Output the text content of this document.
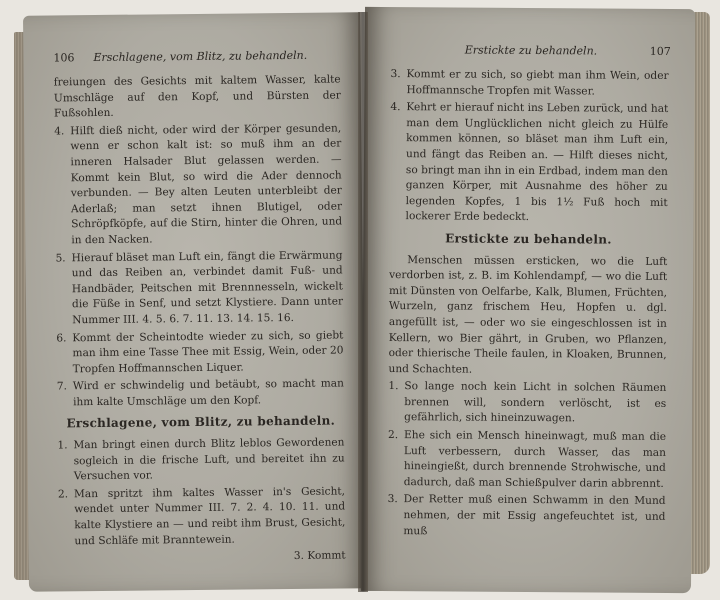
106 Erschlagene, vom Blitz, zu behandeln.

freiungen des Gesichts mit kaltem Wasser, kalte Umschläge auf den Kopf, und Bürsten der Fußsohlen.

4. Hilft dieß nicht, oder wird der Körper gesunden, wenn er schon kalt ist: so muß ihm an der inneren Halsader Blut gelassen werden. — Kommt kein Blut, so wird die Ader dennoch verbunden. — Bey alten Leuten unterbleibt der Aderlaß; man setzt ihnen Blutigel, oder Schröpfköpfe, auf die Stirn, hinter die Ohren, und in den Nacken.
5. Hierauf bläset man Luft ein, fängt die Erwärmung und das Reiben an, verbindet damit Fuß- und Handbäder, Peitschen mit Brennnesseln, wickelt die Füße in Senf, und setzt Klystiere. Dann unter Nummer III. 4. 5. 6. 7. 11. 13. 14. 15. 16.
6. Kommt der Scheintodte wieder zu sich, so giebt man ihm eine Tasse Thee mit Essig, Wein, oder 20 Tropfen Hoffmannschen Liquer.
7. Wird er schwindelig und betäubt, so macht man ihm kalte Umschläge um den Kopf.
Erschlagene, vom Blitz, zu behandeln.
1. Man bringt einen durch Blitz leblos Gewordenen sogleich in die frische Luft, und bereitet ihn zu Versuchen vor.
2. Man spritzt ihm kaltes Wasser in's Gesicht, wendet unter Nummer III. 7. 2. 4. 10. 11. und kalte Klystiere an — und reibt ihm Brust, Gesicht, und Schläfe mit Branntewein.
3. Kommt
Erstickte zu behandeln.	107
3. Kommt er zu sich, so giebt man ihm Wein, oder Hoffmannsche Tropfen mit Wasser.
4. Kehrt er hierauf nicht ins Leben zurück, und hat man dem Unglücklichen nicht gleich zu Hülfe kommen können, so bläset man ihm Luft ein, und fängt das Reiben an. — Hilft dieses nicht, so bringt man ihn in ein Erdbad, indem man den ganzen Körper, mit Ausnahme des höher zu legenden Kopfes, 1 bis 1½ Fuß hoch mit lockerer Erde bedeckt.
Erstickte zu behandeln.

Menschen müssen ersticken, wo die Luft verdorben ist, z. B. im Kohlendampf, — wo die Luft mit Dünsten von Oelfarbe, Kalk, Blumen, Früchten, Wurzeln, ganz frischem Heu, Hopfen u. dgl. angefüllt ist, — oder wo sie eingeschlossen ist in Kellern, wo Bier gährt, in Gruben, wo Pflanzen, oder thierische Theile faulen, in Kloaken, Brunnen, und Schachten.

1. So lange noch kein Licht in solchen Räumen brennen will, sondern verlöscht, ist es gefährlich, sich hineinzuwagen.
2. Ehe sich ein Mensch hineinwagt, muß man die Luft verbessern, durch Wasser, das man hineingießt, durch brennende Strohwische, und dadurch, daß man Schießpulver darin abbrennt.
3. Der Retter muß einen Schwamm in den Mund nehmen, der mit Essig angefeuchtet ist, und muß
